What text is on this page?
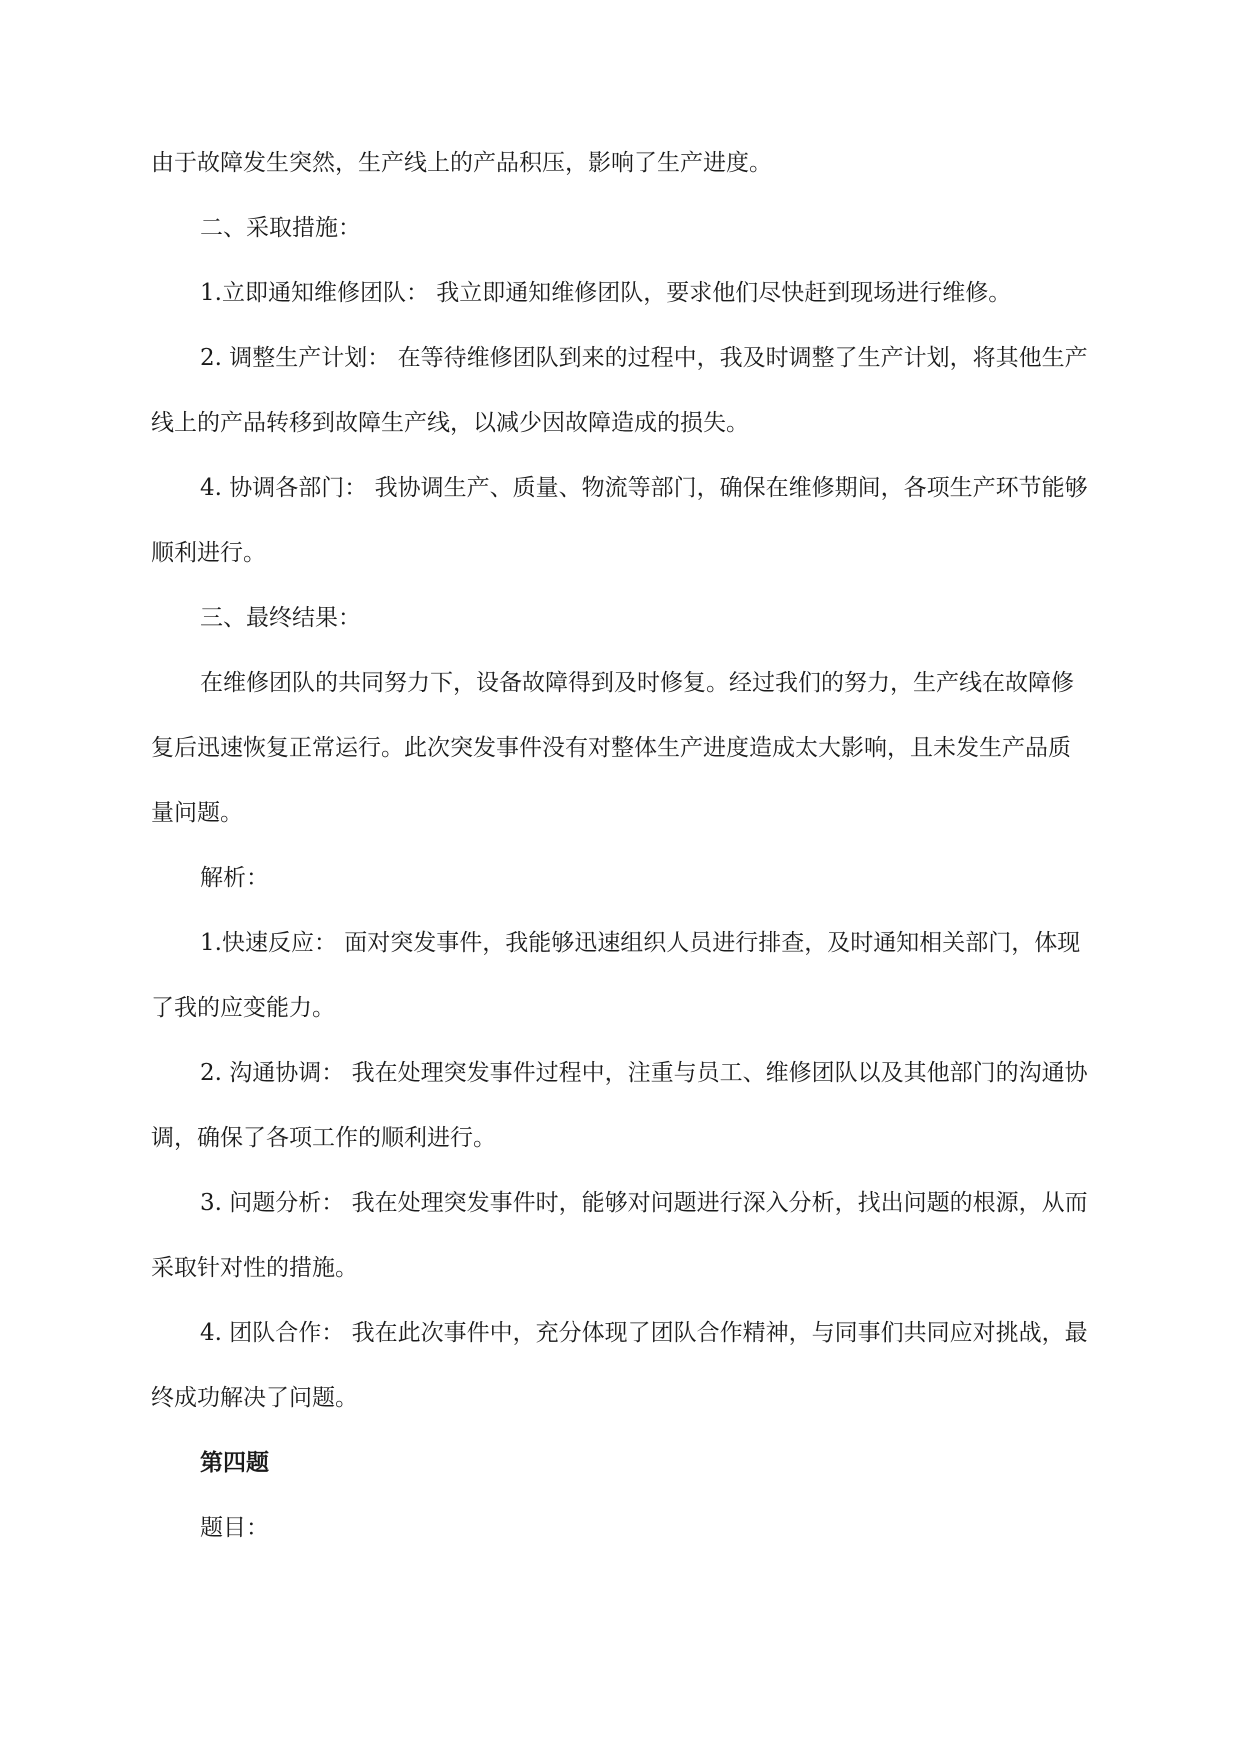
由于故障发生突然，生产线上的产品积压，影响了生产进度。

二、采取措施：

1.立即通知维修团队： 我立即通知维修团队，要求他们尽快赶到现场进行维修。

2. 调整生产计划： 在等待维修团队到来的过程中，我及时调整了生产计划，将其他生产线上的产品转移到故障生产线，以减少因故障造成的损失。

4. 协调各部门： 我协调生产、质量、物流等部门，确保在维修期间，各项生产环节能够顺利进行。

三、最终结果：

在维修团队的共同努力下，设备故障得到及时修复。经过我们的努力，生产线在故障修复后迅速恢复正常运行。此次突发事件没有对整体生产进度造成太大影响，且未发生产品质量问题。

解析：

1.快速反应： 面对突发事件，我能够迅速组织人员进行排查，及时通知相关部门，体现了我的应变能力。

2. 沟通协调： 我在处理突发事件过程中，注重与员工、维修团队以及其他部门的沟通协调，确保了各项工作的顺利进行。

3. 问题分析： 我在处理突发事件时，能够对问题进行深入分析，找出问题的根源，从而采取针对性的措施。

4. 团队合作： 我在此次事件中，充分体现了团队合作精神，与同事们共同应对挑战，最终成功解决了问题。

第四题

题目：
